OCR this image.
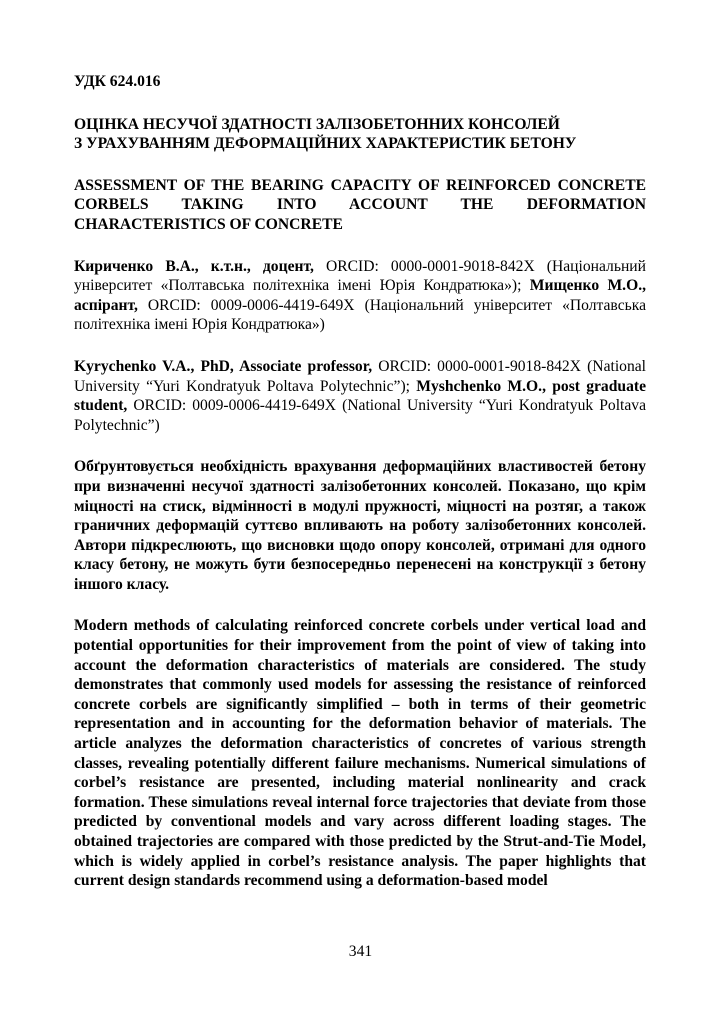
УДК 624.016

ОЦІНКА НЕСУЧОЇ ЗДАТНОСТІ ЗАЛІЗОБЕТОННИХ КОНСОЛЕЙ
З УРАХУВАННЯМ ДЕФОРМАЦІЙНИХ ХАРАКТЕРИСТИК БЕТОНУ

ASSESSMENT OF THE BEARING CAPACITY OF REINFORCED CONCRETE CORBELS TAKING INTO ACCOUNT THE DEFORMATION CHARACTERISTICS OF CONCRETE

Кириченко В.А., к.т.н., доцент, ORCID: 0000-0001-9018-842X (Національний університет «Полтавська політехніка імені Юрія Кондратюка»); Мищенко М.О., аспірант, ORCID: 0009-0006-4419-649X (Національний університет «Полтавська політехніка імені Юрія Кондратюка»)

Kyrychenko V.A., PhD, Associate professor, ORCID: 0000-0001-9018-842X (National University “Yuri Kondratyuk Poltava Polytechnic”); Myshchenko M.O., post graduate student, ORCID: 0009-0006-4419-649X (National University “Yuri Kondratyuk Poltava Polytechnic”)

Обґрунтовується необхідність врахування деформаційних властивостей бетону при визначенні несучої здатності залізобетонних консолей. Показано, що крім міцності на стиск, відмінності в модулі пружності, міцності на розтяг, а також граничних деформацій суттєво впливають на роботу залізобетонних консолей. Автори підкреслюють, що висновки щодо опору консолей, отримані для одного класу бетону, не можуть бути безпосередньо перенесені на конструкції з бетону іншого класу.

Modern methods of calculating reinforced concrete corbels under vertical load and potential opportunities for their improvement from the point of view of taking into account the deformation characteristics of materials are considered. The study demonstrates that commonly used models for assessing the resistance of reinforced concrete corbels are significantly simplified – both in terms of their geometric representation and in accounting for the deformation behavior of materials. The article analyzes the deformation characteristics of concretes of various strength classes, revealing potentially different failure mechanisms. Numerical simulations of corbel’s resistance are presented, including material nonlinearity and crack formation. These simulations reveal internal force trajectories that deviate from those predicted by conventional models and vary across different loading stages. The obtained trajectories are compared with those predicted by the Strut-and-Tie Model, which is widely applied in corbel’s resistance analysis. The paper highlights that current design standards recommend using a deformation-based model

341
